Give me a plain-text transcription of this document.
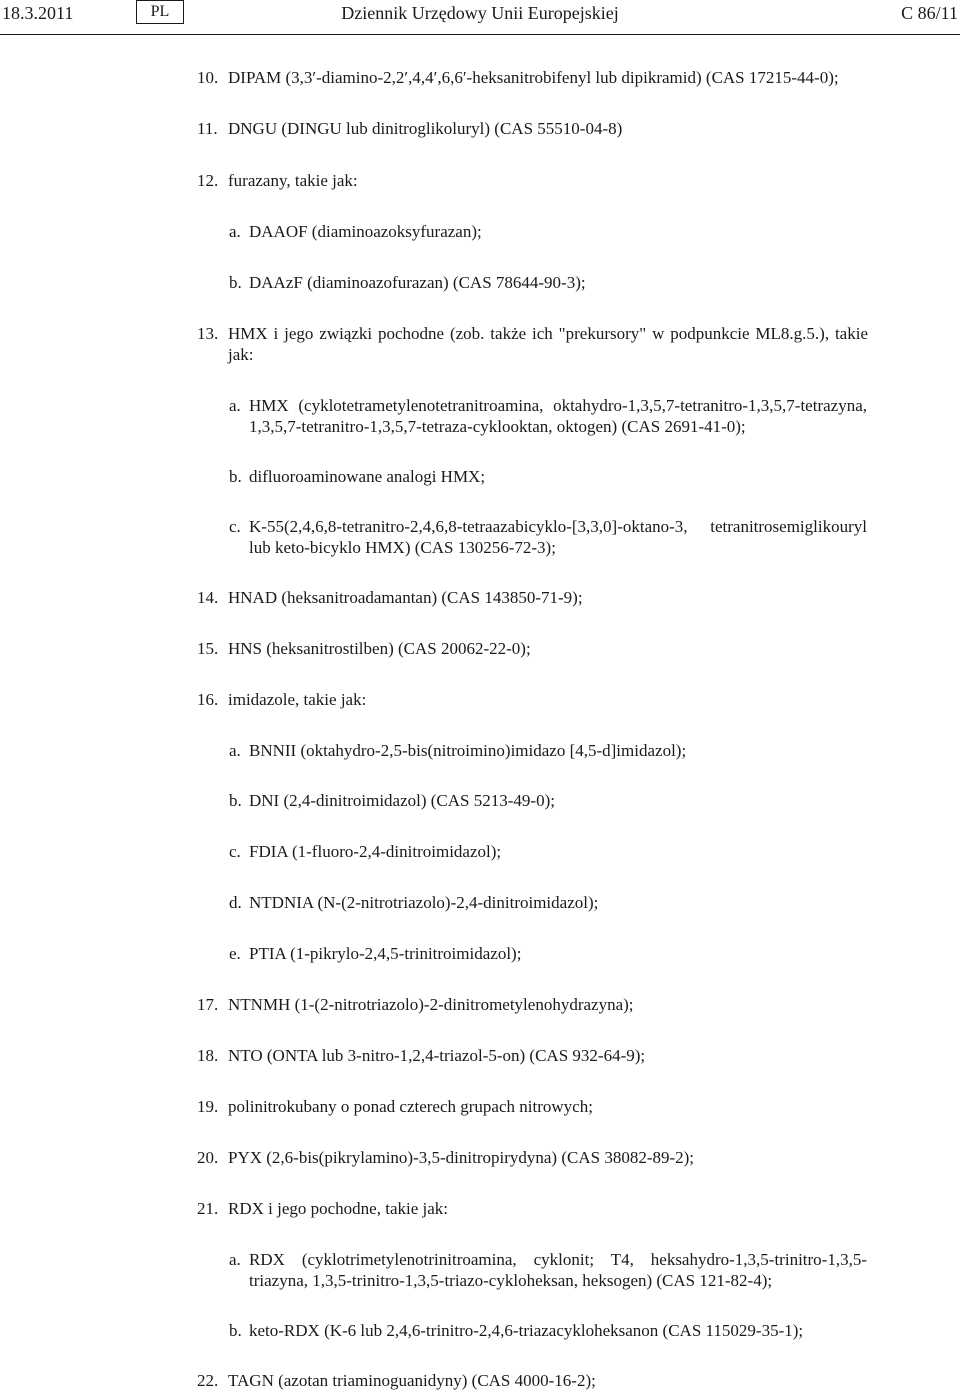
18.3.2011	PL	Dziennik Urzędowy Unii Europejskiej	C 86/11
10. DIPAM (3,3′-diamino-2,2′,4,4′,6,6′-heksanitrobifenyl lub dipikramid) (CAS 17215-44-0);
11. DNGU (DINGU lub dinitroglikoluryl) (CAS 55510-04-8)
12. furazany, takie jak:
a. DAAOF (diaminoazoksyfurazan);
b. DAAzF (diaminoazofurazan) (CAS 78644-90-3);
13. HMX i jego związki pochodne (zob. także ich "prekursory" w podpunkcie ML8.g.5.), takie jak:
a. HMX (cyklotetrametylenotetranitroamina, oktahydro-1,3,5,7-tetranitro-1,3,5,7-tetrazyna, 1,3,5,7-tetranitro-1,3,5,7-tetraza-cyklooktan, oktogen) (CAS 2691-41-0);
b. difluoroaminowane analogi HMX;
c. K-55(2,4,6,8-tetranitro-2,4,6,8-tetraazabicyklo-[3,3,0]-oktano-3, tetranitrosemiglikouryl lub keto-bicyklo HMX) (CAS 130256-72-3);
14. HNAD (heksanitroadamantan) (CAS 143850-71-9);
15. HNS (heksanitrostilben) (CAS 20062-22-0);
16. imidazole, takie jak:
a. BNNII (oktahydro-2,5-bis(nitroimino)imidazo [4,5-d]imidazol);
b. DNI (2,4-dinitroimidazol) (CAS 5213-49-0);
c. FDIA (1-fluoro-2,4-dinitroimidazol);
d. NTDNIA (N-(2-nitrotriazolo)-2,4-dinitroimidazol);
e. PTIA (1-pikrylo-2,4,5-trinitroimidazol);
17. NTNMH (1-(2-nitrotriazolo)-2-dinitrometylenohydrazyna);
18. NTO (ONTA lub 3-nitro-1,2,4-triazol-5-on) (CAS 932-64-9);
19. polinitrokubany o ponad czterech grupach nitrowych;
20. PYX (2,6-bis(pikrylamino)-3,5-dinitropirydyna) (CAS 38082-89-2);
21. RDX i jego pochodne, takie jak:
a. RDX (cyklotrimetylenotrinitroamina, cyklonit; T4, heksahydro-1,3,5-trinitro-1,3,5-triazyna, 1,3,5-trinitro-1,3,5-triazo-cykloheksan, heksogen) (CAS 121-82-4);
b. keto-RDX (K-6 lub 2,4,6-trinitro-2,4,6-triazacykloheksanon (CAS 115029-35-1);
22. TAGN (azotan triaminoguanidyny) (CAS 4000-16-2);
